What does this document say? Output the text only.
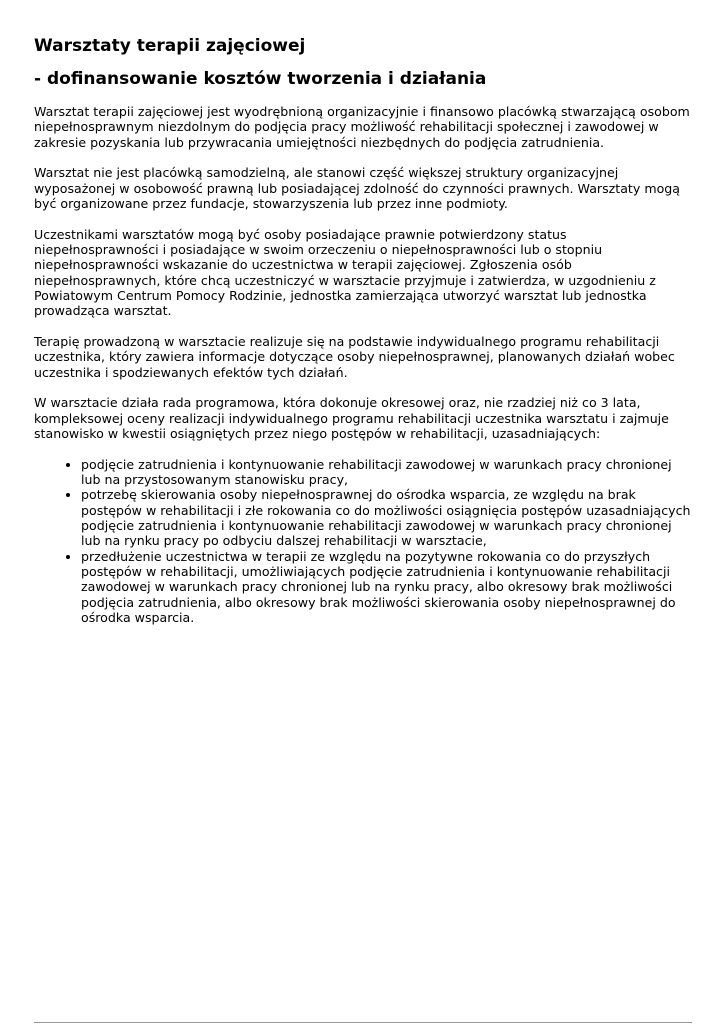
Warsztaty terapii zajęciowej
- dofinansowanie kosztów tworzenia i działania

Warsztat terapii zajęciowej jest wyodrębnioną organizacyjnie i finansowo placówką stwarzającą osobom niepełnosprawnym niezdolnym do podjęcia pracy możliwość rehabilitacji społecznej i zawodowej w zakresie pozyskania lub przywracania umiejętności niezbędnych do podjęcia zatrudnienia.

Warsztat nie jest placówką samodzielną, ale stanowi część większej struktury organizacyjnej wyposażonej w osobowość prawną lub posiadającej zdolność do czynności prawnych. Warsztaty mogą być organizowane przez fundacje, stowarzyszenia lub przez inne podmioty.

Uczestnikami warsztatów mogą być osoby posiadające prawnie potwierdzony status niepełnosprawności i posiadające w swoim orzeczeniu o niepełnosprawności lub o stopniu niepełnosprawności wskazanie do uczestnictwa w terapii zajęciowej. Zgłoszenia osób niepełnosprawnych, które chcą uczestniczyć w warsztacie przyjmuje i zatwierdza, w uzgodnieniu z Powiatowym Centrum Pomocy Rodzinie, jednostka zamierzająca utworzyć warsztat lub jednostka prowadząca warsztat.

Terapię prowadzoną w warsztacie realizuje się na podstawie indywidualnego programu rehabilitacji uczestnika, który zawiera informacje dotyczące osoby niepełnosprawnej, planowanych działań wobec uczestnika i spodziewanych efektów tych działań.

W warsztacie działa rada programowa, która dokonuje okresowej oraz, nie rzadziej niż co 3 lata, kompleksowej oceny realizacji indywidualnego programu rehabilitacji uczestnika warsztatu i zajmuje stanowisko w kwestii osiągniętych przez niego postępów w rehabilitacji, uzasadniających:

• podjęcie zatrudnienia i kontynuowanie rehabilitacji zawodowej w warunkach pracy chronionej lub na przystosowanym stanowisku pracy,
• potrzebę skierowania osoby niepełnosprawnej do ośrodka wsparcia, ze względu na brak postępów w rehabilitacji i złe rokowania co do możliwości osiągnięcia postępów uzasadniających podjęcie zatrudnienia i kontynuowanie rehabilitacji zawodowej w warunkach pracy chronionej lub na rynku pracy po odbyciu dalszej rehabilitacji w warsztacie,
• przedłużenie uczestnictwa w terapii ze względu na pozytywne rokowania co do przyszłych postępów w rehabilitacji, umożliwiających podjęcie zatrudnienia i kontynuowanie rehabilitacji zawodowej w warunkach pracy chronionej lub na rynku pracy, albo okresowy brak możliwości podjęcia zatrudnienia, albo okresowy brak możliwości skierowania osoby niepełnosprawnej do ośrodka wsparcia.
